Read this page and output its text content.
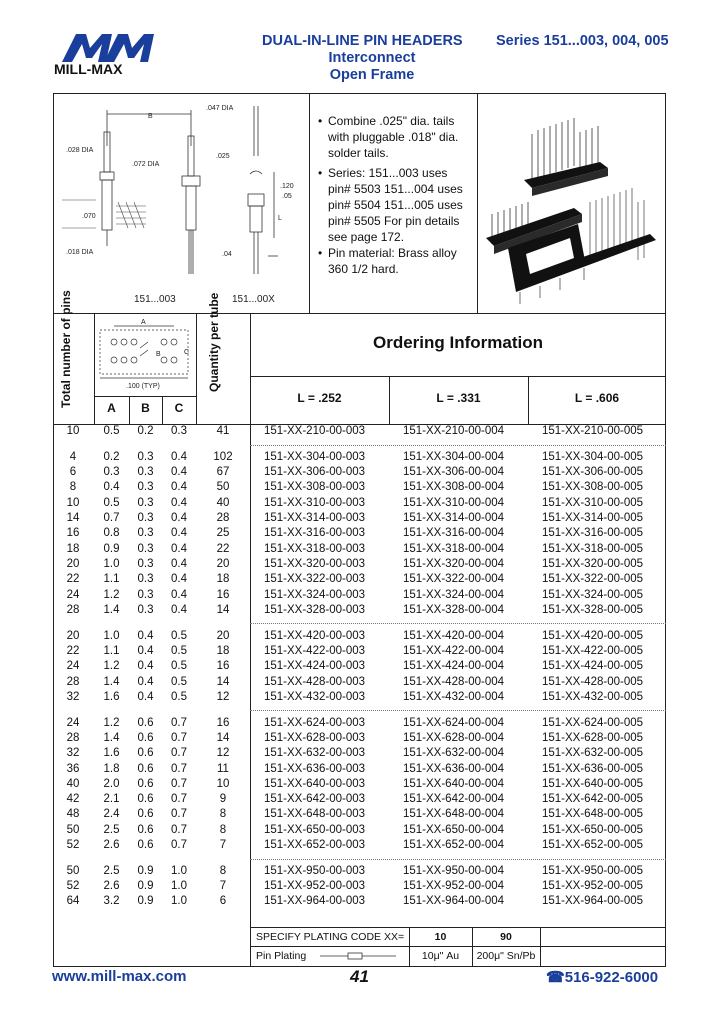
MILL-MAX
DUAL-IN-LINE PIN HEADERS
Interconnect
Open Frame
Series 151...003, 004, 005
B
.047 DIA
.028 DIA
.072 DIA
.025
.120
.05
L
.070
.04
.018 DIA
151...003	151...00X
• Combine .025" dia. tails with pluggable .018" dia. solder tails.
• Series: 151...003 uses pin# 5503 151...004 uses pin# 5504 151...005 uses pin# 5505 For pin details see page 172.
• Pin material: Brass alloy 360 1/2 hard.
Total number of pins	Quantity per tube
A
B	C
.100 (TYP)
A	B	C
Ordering Information
L = .252	L = .331	L = .606
10	0.5	0.2	0.3	41	151-XX-210-00-003	151-XX-210-00-004	151-XX-210-00-005
4	0.2	0.3	0.4	102	151-XX-304-00-003	151-XX-304-00-004	151-XX-304-00-005
6	0.3	0.3	0.4	67	151-XX-306-00-003	151-XX-306-00-004	151-XX-306-00-005
8	0.4	0.3	0.4	50	151-XX-308-00-003	151-XX-308-00-004	151-XX-308-00-005
10	0.5	0.3	0.4	40	151-XX-310-00-003	151-XX-310-00-004	151-XX-310-00-005
14	0.7	0.3	0.4	28	151-XX-314-00-003	151-XX-314-00-004	151-XX-314-00-005
16	0.8	0.3	0.4	25	151-XX-316-00-003	151-XX-316-00-004	151-XX-316-00-005
18	0.9	0.3	0.4	22	151-XX-318-00-003	151-XX-318-00-004	151-XX-318-00-005
20	1.0	0.3	0.4	20	151-XX-320-00-003	151-XX-320-00-004	151-XX-320-00-005
22	1.1	0.3	0.4	18	151-XX-322-00-003	151-XX-322-00-004	151-XX-322-00-005
24	1.2	0.3	0.4	16	151-XX-324-00-003	151-XX-324-00-004	151-XX-324-00-005
28	1.4	0.3	0.4	14	151-XX-328-00-003	151-XX-328-00-004	151-XX-328-00-005
20	1.0	0.4	0.5	20	151-XX-420-00-003	151-XX-420-00-004	151-XX-420-00-005
22	1.1	0.4	0.5	18	151-XX-422-00-003	151-XX-422-00-004	151-XX-422-00-005
24	1.2	0.4	0.5	16	151-XX-424-00-003	151-XX-424-00-004	151-XX-424-00-005
28	1.4	0.4	0.5	14	151-XX-428-00-003	151-XX-428-00-004	151-XX-428-00-005
32	1.6	0.4	0.5	12	151-XX-432-00-003	151-XX-432-00-004	151-XX-432-00-005
24	1.2	0.6	0.7	16	151-XX-624-00-003	151-XX-624-00-004	151-XX-624-00-005
28	1.4	0.6	0.7	14	151-XX-628-00-003	151-XX-628-00-004	151-XX-628-00-005
32	1.6	0.6	0.7	12	151-XX-632-00-003	151-XX-632-00-004	151-XX-632-00-005
36	1.8	0.6	0.7	11	151-XX-636-00-003	151-XX-636-00-004	151-XX-636-00-005
40	2.0	0.6	0.7	10	151-XX-640-00-003	151-XX-640-00-004	151-XX-640-00-005
42	2.1	0.6	0.7	9	151-XX-642-00-003	151-XX-642-00-004	151-XX-642-00-005
48	2.4	0.6	0.7	8	151-XX-648-00-003	151-XX-648-00-004	151-XX-648-00-005
50	2.5	0.6	0.7	8	151-XX-650-00-003	151-XX-650-00-004	151-XX-650-00-005
52	2.6	0.6	0.7	7	151-XX-652-00-003	151-XX-652-00-004	151-XX-652-00-005
50	2.5	0.9	1.0	8	151-XX-950-00-003	151-XX-950-00-004	151-XX-950-00-005
52	2.6	0.9	1.0	7	151-XX-952-00-003	151-XX-952-00-004	151-XX-952-00-005
64	3.2	0.9	1.0	6	151-XX-964-00-003	151-XX-964-00-004	151-XX-964-00-005
SPECIFY PLATING CODE XX=	10	90
Pin Plating	10μ" Au	200μ" Sn/Pb
www.mill-max.com	41	☎516-922-6000
